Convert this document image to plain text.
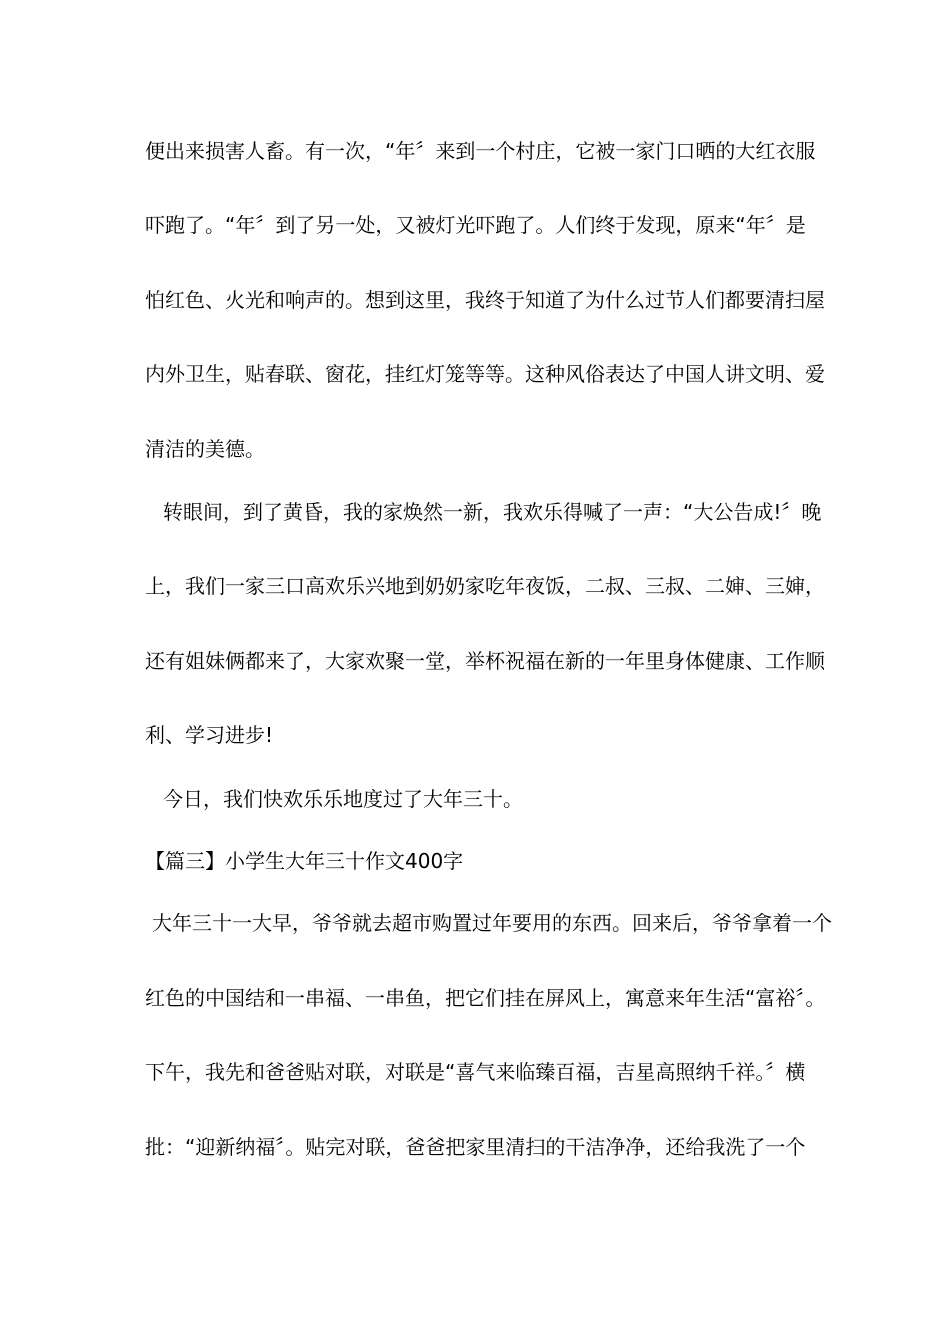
便出来损害人畜。有一次，“年〞来到一个村庄，它被一家门口晒的大红衣服
吓跑了。“年〞到了另一处，又被灯光吓跑了。人们终于发现，原来“年〞是
怕红色、火光和响声的。想到这里，我终于知道了为什么过节人们都要清扫屋
内外卫生，贴春联、窗花，挂红灯笼等等。这种风俗表达了中国人讲文明、爱
清洁的美德。
转眼间，到了黄昏，我的家焕然一新，我欢乐得喊了一声：“大公告成!〞晚
上，我们一家三口高欢乐兴地到奶奶家吃年夜饭，二叔、三叔、二婶、三婶，
还有姐妹俩都来了，大家欢聚一堂，举杯祝福在新的一年里身体健康、工作顺
利、学习进步!
今日，我们快欢乐乐地度过了大年三十。
【篇三】小学生大年三十作文400字
大年三十一大早，爷爷就去超市购置过年要用的东西。回来后，爷爷拿着一个
红色的中国结和一串福、一串鱼，把它们挂在屏风上，寓意来年生活“富裕〞。
下午，我先和爸爸贴对联，对联是“喜气来临臻百福，吉星高照纳千祥。〞横
批：“迎新纳福〞。贴完对联，爸爸把家里清扫的干洁净净，还给我洗了一个
